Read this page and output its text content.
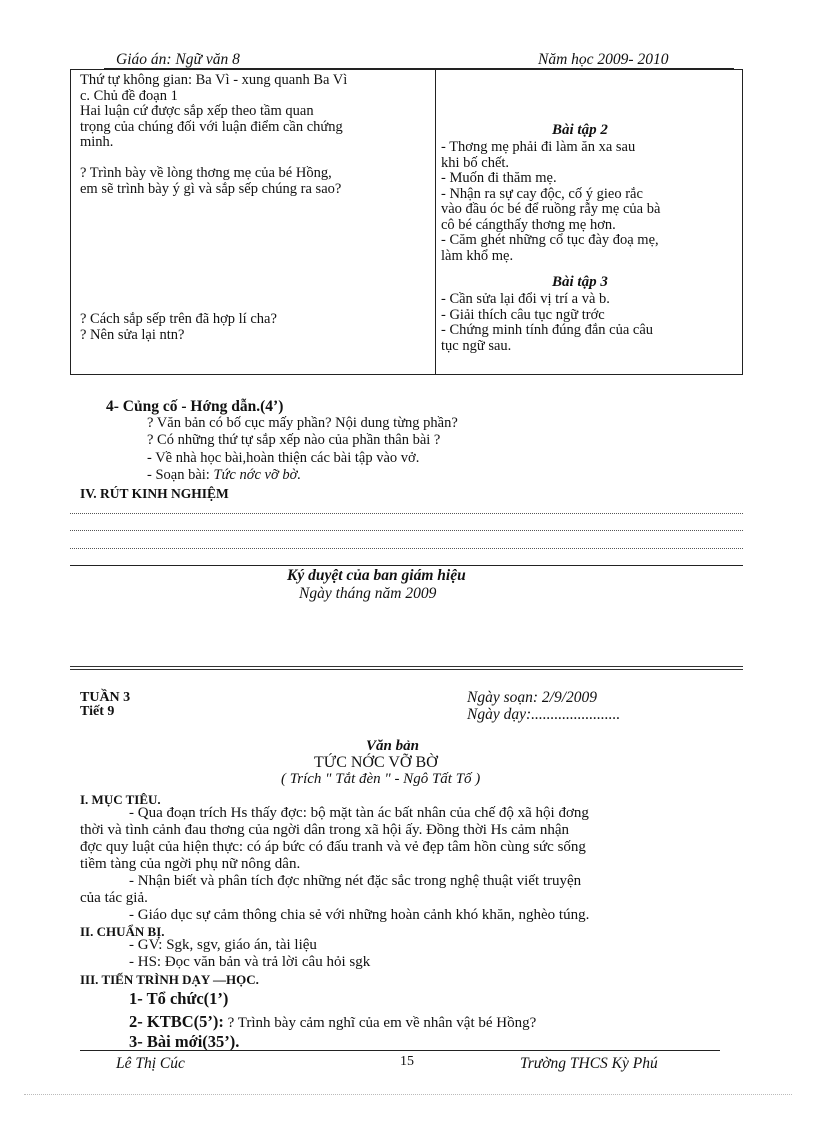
Giáo án: Ngữ văn 8	Năm học 2009- 2010
Thứ tự không gian: Ba Vì - xung quanh Ba Vì
c. Chủ đề đoạn 1
Hai luận cứ được sắp xếp theo tầm quan
trọng của chúng đối với luận điểm cần chứng
minh.
? Trình bày về lòng thơng mẹ của bé Hồng,
em sẽ trình bày ý gì và sắp sếp chúng ra sao?
? Cách sắp sếp trên đã hợp lí cha?
? Nên sửa lại ntn?
Bài tập 2
- Thơng mẹ phải đi làm ăn xa sau
khi bố chết.
- Muốn đi thăm mẹ.
- Nhận ra sự cay độc, cố ý gieo rắc
vào đầu óc bé để ruồng rẫy mẹ của bà
cô bé cángthấy thơng mẹ hơn.
- Căm ghét những cổ tục đày đoạ mẹ,
làm khổ mẹ.
Bài tập 3
- Cần sửa lại đổi vị trí a và b.
- Giải thích câu tục ngữ trớc
- Chứng minh tính đúng đắn của câu
tục ngữ sau.
4- Củng cố - Hớng dẫn.(4’)
? Văn bản có bố cục mấy phần? Nội dung từng phần?
? Có những thứ tự sắp xếp nào của phần thân bài ?
- Về nhà học bài,hoàn thiện các bài tập vào vở.
- Soạn bài: Tức nớc vỡ bờ.
IV. RÚT KINH NGHIỆM
Ký duyệt của ban giám hiệu
Ngày tháng năm 2009
TUẦN 3
Tiết 9
Ngày soạn: 2/9/2009
Ngày dạy:.......................
Văn bản
TỨC NỚC VỠ BỜ
( Trích " Tắt đèn " - Ngô Tất Tố )
I. MỤC TIÊU.
- Qua đoạn trích Hs thấy đợc: bộ mặt tàn ác bất nhân của chế độ xã hội đơng
thời và tình cảnh đau thơng của ngời dân trong xã hội ấy. Đồng thời Hs cảm nhận
đợc quy luật của hiện thực: có áp bức có đấu tranh và vẻ đẹp tâm hồn cùng sức sống
tiềm tàng của ngời phụ nữ nông dân.
- Nhận biết và phân tích đợc những nét đặc sắc trong nghệ thuật viết truyện
của tác giả.
- Giáo dục sự cảm thông chia sẻ với những hoàn cảnh khó khăn, nghèo túng.
II. CHUẨN BỊ.
- GV: Sgk, sgv, giáo án, tài liệu
- HS: Đọc văn bản và trả lời câu hỏi sgk
III. TIẾN TRÌNH DẠY —HỌC.
1- Tổ chức(1’)
2- KTBC(5’): ? Trình bày cảm nghĩ của em về nhân vật bé Hồng?
3- Bài mới(35’).
Lê Thị Cúc	15	Trường THCS Kỳ Phú
